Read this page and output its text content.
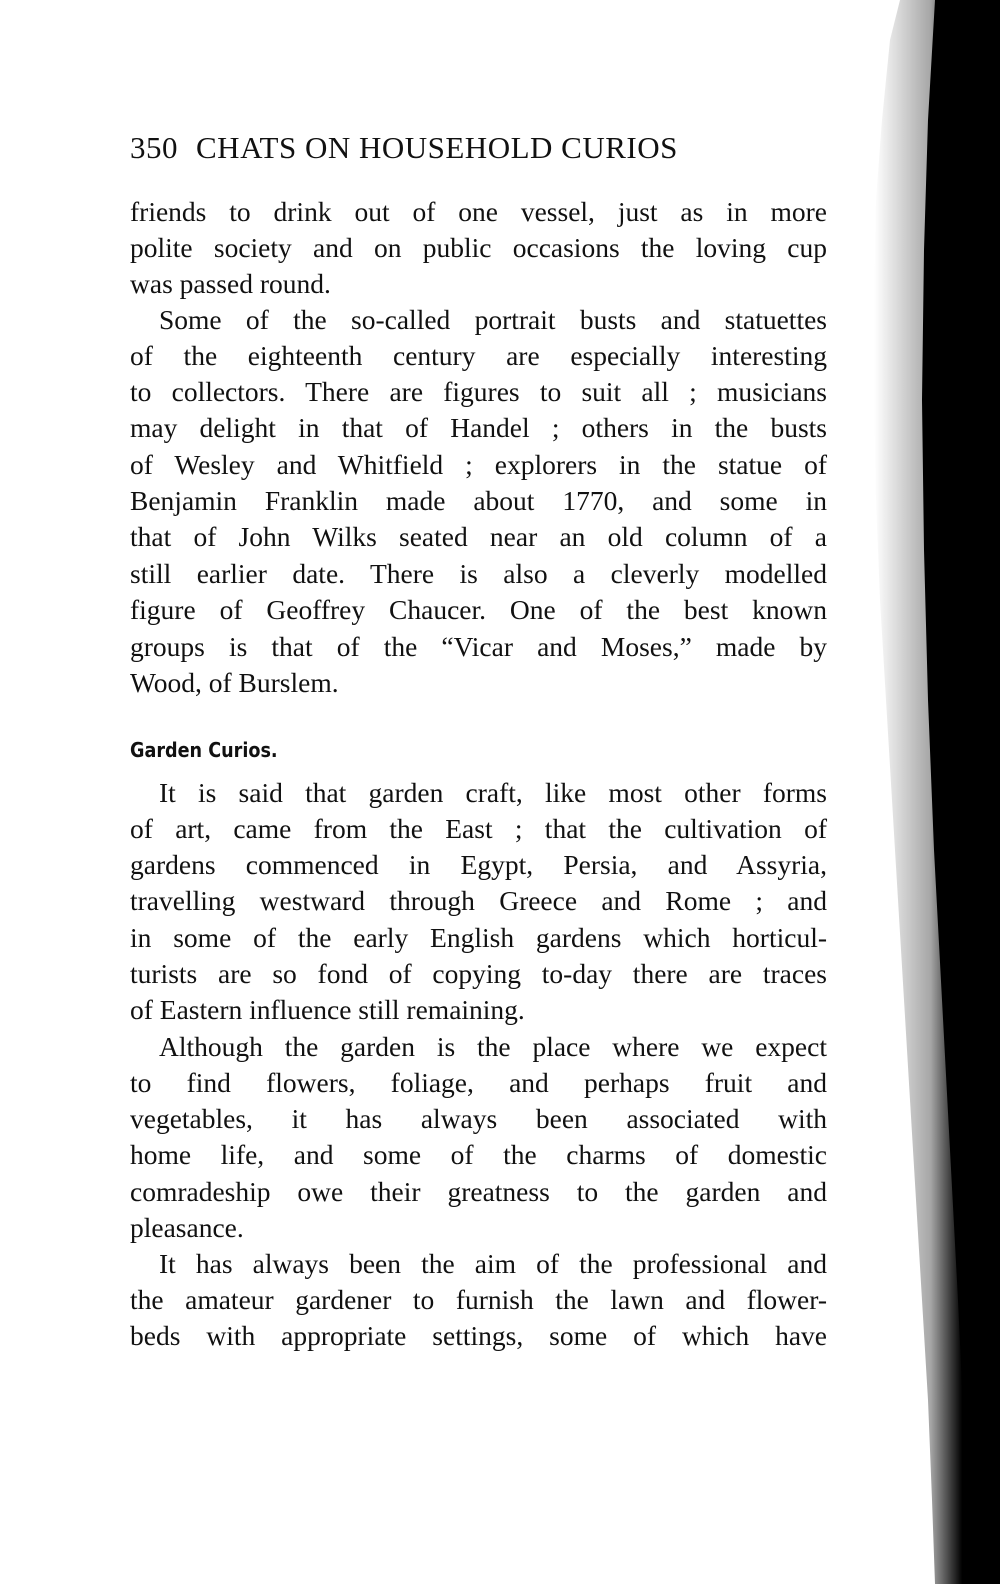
350 CHATS ON HOUSEHOLD CURIOS
friends to drink out of one vessel, just as in more
polite society and on public occasions the loving cup
was passed round.
Some of the so-called portrait busts and statuettes
of the eighteenth century are especially interesting
to collectors. There are figures to suit all ; musicians
may delight in that of Handel ; others in the busts
of Wesley and Whitfield ; explorers in the statue of
Benjamin Franklin made about 1770, and some in
that of John Wilks seated near an old column of a
still earlier date. There is also a cleverly modelled
figure of Geoffrey Chaucer. One of the best known
groups is that of the “Vicar and Moses,” made by
Wood, of Burslem.
Garden Curios.
It is said that garden craft, like most other forms
of art, came from the East ; that the cultivation of
gardens commenced in Egypt, Persia, and Assyria,
travelling westward through Greece and Rome ; and
in some of the early English gardens which horticul-
turists are so fond of copying to-day there are traces
of Eastern influence still remaining.
Although the garden is the place where we expect
to find flowers, foliage, and perhaps fruit and
vegetables, it has always been associated with
home life, and some of the charms of domestic
comradeship owe their greatness to the garden and
pleasance.
It has always been the aim of the professional and
the amateur gardener to furnish the lawn and flower-
beds with appropriate settings, some of which have
